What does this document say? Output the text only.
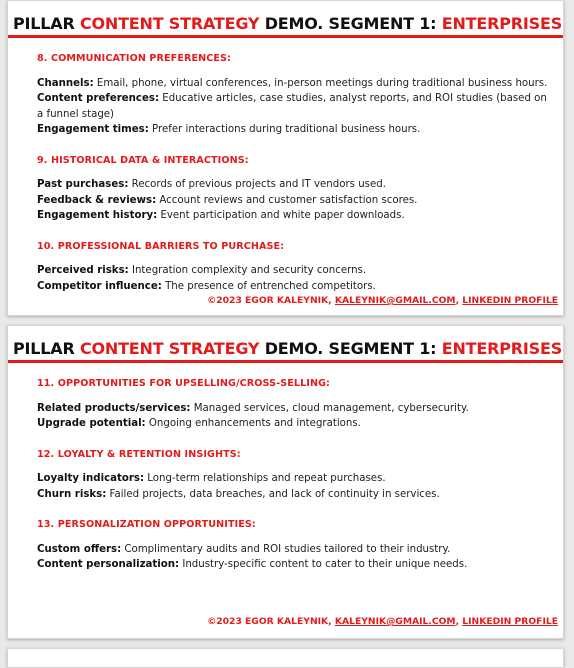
PILLAR CONTENT STRATEGY DEMO. SEGMENT 1: ENTERPRISES

8. COMMUNICATION PREFERENCES:

Channels: Email, phone, virtual conferences, in-person meetings during traditional business hours.

Content preferences: Educative articles, case studies, analyst reports, and ROI studies (based on a funnel stage)

Engagement times: Prefer interactions during traditional business hours.

9. HISTORICAL DATA & INTERACTIONS:

Past purchases: Records of previous projects and IT vendors used.

Feedback & reviews: Account reviews and customer satisfaction scores.

Engagement history: Event participation and white paper downloads.

10. PROFESSIONAL BARRIERS TO PURCHASE:

Perceived risks: Integration complexity and security concerns.

Competitor influence: The presence of entrenched competitors.

©2023 EGOR KALEYNIK, KALEYNIK@GMAIL.COM, LINKEDIN PROFILE
PILLAR CONTENT STRATEGY DEMO. SEGMENT 1: ENTERPRISES

11. OPPORTUNITIES FOR UPSELLING/CROSS-SELLING:

Related products/services: Managed services, cloud management, cybersecurity.

Upgrade potential: Ongoing enhancements and integrations.

12. LOYALTY & RETENTION INSIGHTS:

Loyalty indicators: Long-term relationships and repeat purchases.

Churn risks: Failed projects, data breaches, and lack of continuity in services.

13. PERSONALIZATION OPPORTUNITIES:

Custom offers: Complimentary audits and ROI studies tailored to their industry.

Content personalization: Industry-specific content to cater to their unique needs.

©2023 EGOR KALEYNIK, KALEYNIK@GMAIL.COM, LINKEDIN PROFILE
